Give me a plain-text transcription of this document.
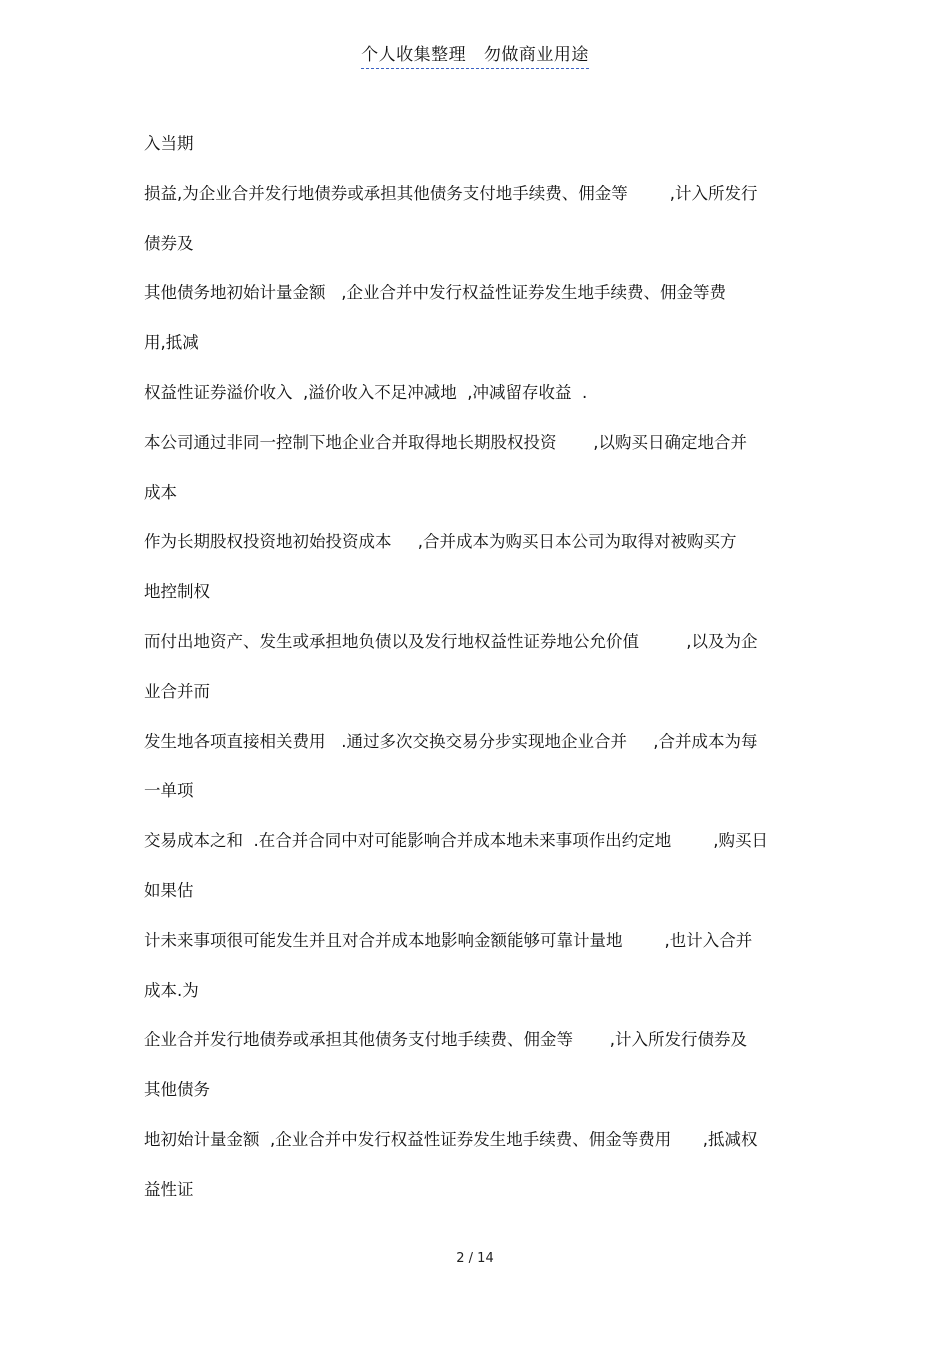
个人收集整理   勿做商业用途
入当期
损益,为企业合并发行地债券或承担其他债务支付地手续费、佣金等        ,计入所发行
债券及
其他债务地初始计量金额   ,企业合并中发行权益性证券发生地手续费、佣金等费
用,抵减
权益性证券溢价收入  ,溢价收入不足冲减地  ,冲减留存收益  .
本公司通过非同一控制下地企业合并取得地长期股权投资       ,以购买日确定地合并
成本
作为长期股权投资地初始投资成本     ,合并成本为购买日本公司为取得对被购买方
地控制权
而付出地资产、发生或承担地负债以及发行地权益性证券地公允价值         ,以及为企
业合并而
发生地各项直接相关费用   .通过多次交换交易分步实现地企业合并     ,合并成本为每
一单项
交易成本之和  .在合并合同中对可能影响合并成本地未来事项作出约定地        ,购买日
如果估
计未来事项很可能发生并且对合并成本地影响金额能够可靠计量地        ,也计入合并
成本.为
企业合并发行地债券或承担其他债务支付地手续费、佣金等       ,计入所发行债券及
其他债务
地初始计量金额  ,企业合并中发行权益性证券发生地手续费、佣金等费用      ,抵减权
益性证
2 / 14
